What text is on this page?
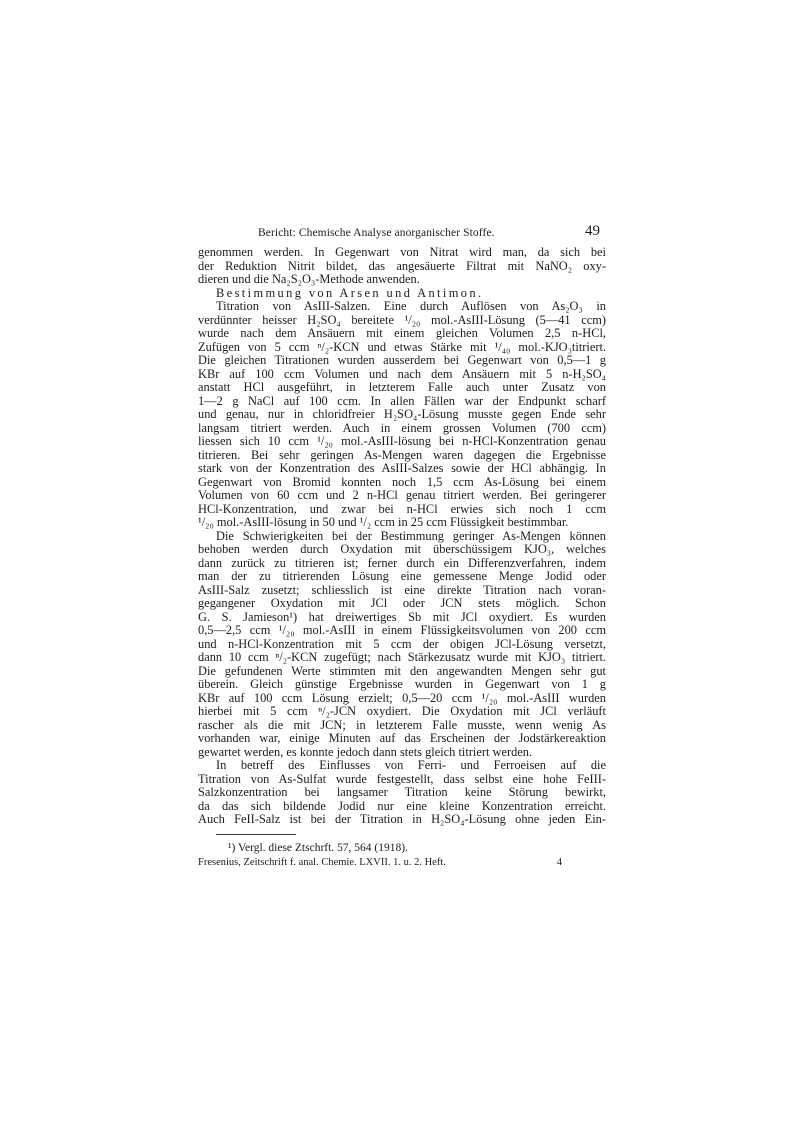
Bericht: Chemische Analyse anorganischer Stoffe.	49
genommen werden. In Gegenwart von Nitrat wird man, da sich bei
der Reduktion Nitrit bildet, das angesäuerte Filtrat mit NaNO₂ oxy-
dieren und die Na₂S₂O₃-Methode anwenden.
Bestimmung von Arsen und Antimon.
Titration von AsIII-Salzen. Eine durch Auflösen von As₂O₃ in
verdünnter heisser H₂SO₄ bereitete ¹/₂₀ mol.-AsIII-Lösung (5—41 ccm)
wurde nach dem Ansäuern mit einem gleichen Volumen 2,5 n-HCl,
Zufügen von 5 ccm ⁿ/₂-KCN und etwas Stärke mit ¹/₄₀ mol.-KJO₃titriert.
Die gleichen Titrationen wurden ausserdem bei Gegenwart von 0,5—1 g
KBr auf 100 ccm Volumen und nach dem Ansäuern mit 5 n-H₂SO₄
anstatt HCl ausgeführt, in letzterem Falle auch unter Zusatz von
1—2 g NaCl auf 100 ccm. In allen Fällen war der Endpunkt scharf
und genau, nur in chloridfreier H₂SO₄-Lösung musste gegen Ende sehr
langsam titriert werden. Auch in einem grossen Volumen (700 ccm)
liessen sich 10 ccm ¹/₂₀ mol.-AsIII-lösung bei n-HCl-Konzentration genau
titrieren. Bei sehr geringen As-Mengen waren dagegen die Ergebnisse
stark von der Konzentration des AsIII-Salzes sowie der HCl abhängig. In
Gegenwart von Bromid konnten noch 1,5 ccm As-Lösung bei einem
Volumen von 60 ccm und 2 n-HCl genau titriert werden. Bei geringerer
HCl-Konzentration, und zwar bei n-HCl erwies sich noch 1 ccm
¹/₂₀ mol.-AsIII-lösung in 50 und ¹/₂ ccm in 25 ccm Flüssigkeit bestimmbar.
Die Schwierigkeiten bei der Bestimmung geringer As-Mengen können
behoben werden durch Oxydation mit überschüssigem KJO₃, welches
dann zurück zu titrieren ist; ferner durch ein Differenzverfahren, indem
man der zu titrierenden Lösung eine gemessene Menge Jodid oder
AsIII-Salz zusetzt; schliesslich ist eine direkte Titration nach voran-
gegangener Oxydation mit JCl oder JCN stets möglich. Schon
G. S. Jamieson¹) hat dreiwertiges Sb mit JCl oxydiert. Es wurden
0,5—2,5 ccm ¹/₂₀ mol.-AsIII in einem Flüssigkeitsvolumen von 200 ccm
und n-HCl-Konzentration mit 5 ccm der obigen JCl-Lösung versetzt,
dann 10 ccm ⁿ/₂-KCN zugefügt; nach Stärkezusatz wurde mit KJO₃ titriert.
Die gefundenen Werte stimmten mit den angewandten Mengen sehr gut
überein. Gleich günstige Ergebnisse wurden in Gegenwart von 1 g
KBr auf 100 ccm Lösung erzielt; 0,5—20 ccm ¹/₂₀ mol.-AsIII wurden
hierbei mit 5 ccm ⁿ/₂-JCN oxydiert. Die Oxydation mit JCl verläuft
rascher als die mit JCN; in letzterem Falle musste, wenn wenig As
vorhanden war, einige Minuten auf das Erscheinen der Jodstärkereaktion
gewartet werden, es konnte jedoch dann stets gleich titriert werden.
In betreff des Einflusses von Ferri- und Ferroeisen auf die
Titration von As-Sulfat wurde festgestellt, dass selbst eine hohe FeIII-
Salzkonzentration bei langsamer Titration keine Störung bewirkt,
da das sich bildende Jodid nur eine kleine Konzentration erreicht.
Auch FeII-Salz ist bei der Titration in H₂SO₄-Lösung ohne jeden Ein-
¹) Vergl. diese Ztschrft. 57, 564 (1918).
Fresenius, Zeitschrift f. anal. Chemie. LXVII. 1. u. 2. Heft.	4
